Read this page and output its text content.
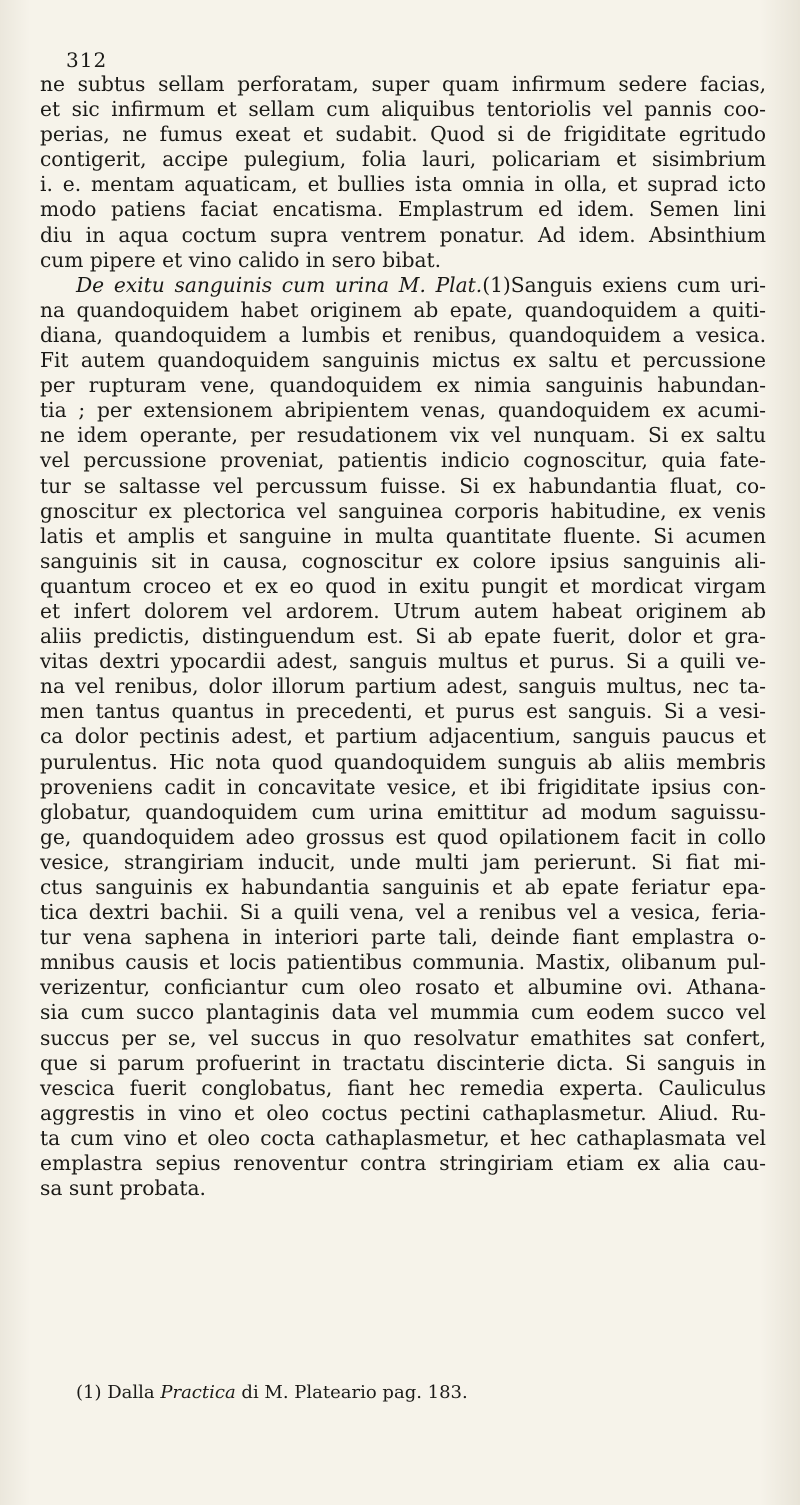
312
ne subtus sellam perforatam, super quam infirmum sedere facias,
et sic infirmum et sellam cum aliquibus tentoriolis vel pannis coo-
perias, ne fumus exeat et sudabit. Quod si de frigiditate egritudo
contigerit, accipe pulegium, folia lauri, policariam et sisimbrium
i. e. mentam aquaticam, et bullies ista omnia in olla, et suprad icto
modo patiens faciat encatisma. Emplastrum ed idem. Semen lini
diu in aqua coctum supra ventrem ponatur. Ad idem. Absinthium
cum pipere et vino calido in sero bibat.
De exitu sanguinis cum urina M. Plat.(1)Sanguis exiens cum uri-
na quandoquidem habet originem ab epate, quandoquidem a quiti-
diana, quandoquidem a lumbis et renibus, quandoquidem a vesica.
Fit autem quandoquidem sanguinis mictus ex saltu et percussione
per rupturam vene, quandoquidem ex nimia sanguinis habundan-
tia ; per extensionem abripientem venas, quandoquidem ex acumi-
ne idem operante, per resudationem vix vel nunquam. Si ex saltu
vel percussione proveniat, patientis indicio cognoscitur, quia fate-
tur se saltasse vel percussum fuisse. Si ex habundantia fluat, co-
gnoscitur ex plectorica vel sanguinea corporis habitudine, ex venis
latis et amplis et sanguine in multa quantitate fluente. Si acumen
sanguinis sit in causa, cognoscitur ex colore ipsius sanguinis ali-
quantum croceo et ex eo quod in exitu pungit et mordicat virgam
et infert dolorem vel ardorem. Utrum autem habeat originem ab
aliis predictis, distinguendum est. Si ab epate fuerit, dolor et gra-
vitas dextri ypocardii adest, sanguis multus et purus. Si a quili ve-
na vel renibus, dolor illorum partium adest, sanguis multus, nec ta-
men tantus quantus in precedenti, et purus est sanguis. Si a vesi-
ca dolor pectinis adest, et partium adjacentium, sanguis paucus et
purulentus. Hic nota quod quandoquidem sunguis ab aliis membris
proveniens cadit in concavitate vesice, et ibi frigiditate ipsius con-
globatur, quandoquidem cum urina emittitur ad modum saguissu-
ge, quandoquidem adeo grossus est quod opilationem facit in collo
vesice, strangiriam inducit, unde multi jam perierunt. Si fiat mi-
ctus sanguinis ex habundantia sanguinis et ab epate feriatur epa-
tica dextri bachii. Si a quili vena, vel a renibus vel a vesica, feria-
tur vena saphena in interiori parte tali, deinde fiant emplastra o-
mnibus causis et locis patientibus communia. Mastix, olibanum pul-
verizentur, conficiantur cum oleo rosato et albumine ovi. Athana-
sia cum succo plantaginis data vel mummia cum eodem succo vel
succus per se, vel succus in quo resolvatur emathites sat confert,
que si parum profuerint in tractatu discinterie dicta. Si sanguis in
vescica fuerit conglobatus, fiant hec remedia experta. Cauliculus
aggrestis in vino et oleo coctus pectini cathaplasmetur. Aliud. Ru-
ta cum vino et oleo cocta cathaplasmetur, et hec cathaplasmata vel
emplastra sepius renoventur contra stringiriam etiam ex alia cau-
sa sunt probata.
(1) Dalla Practica di M. Plateario pag. 183.
